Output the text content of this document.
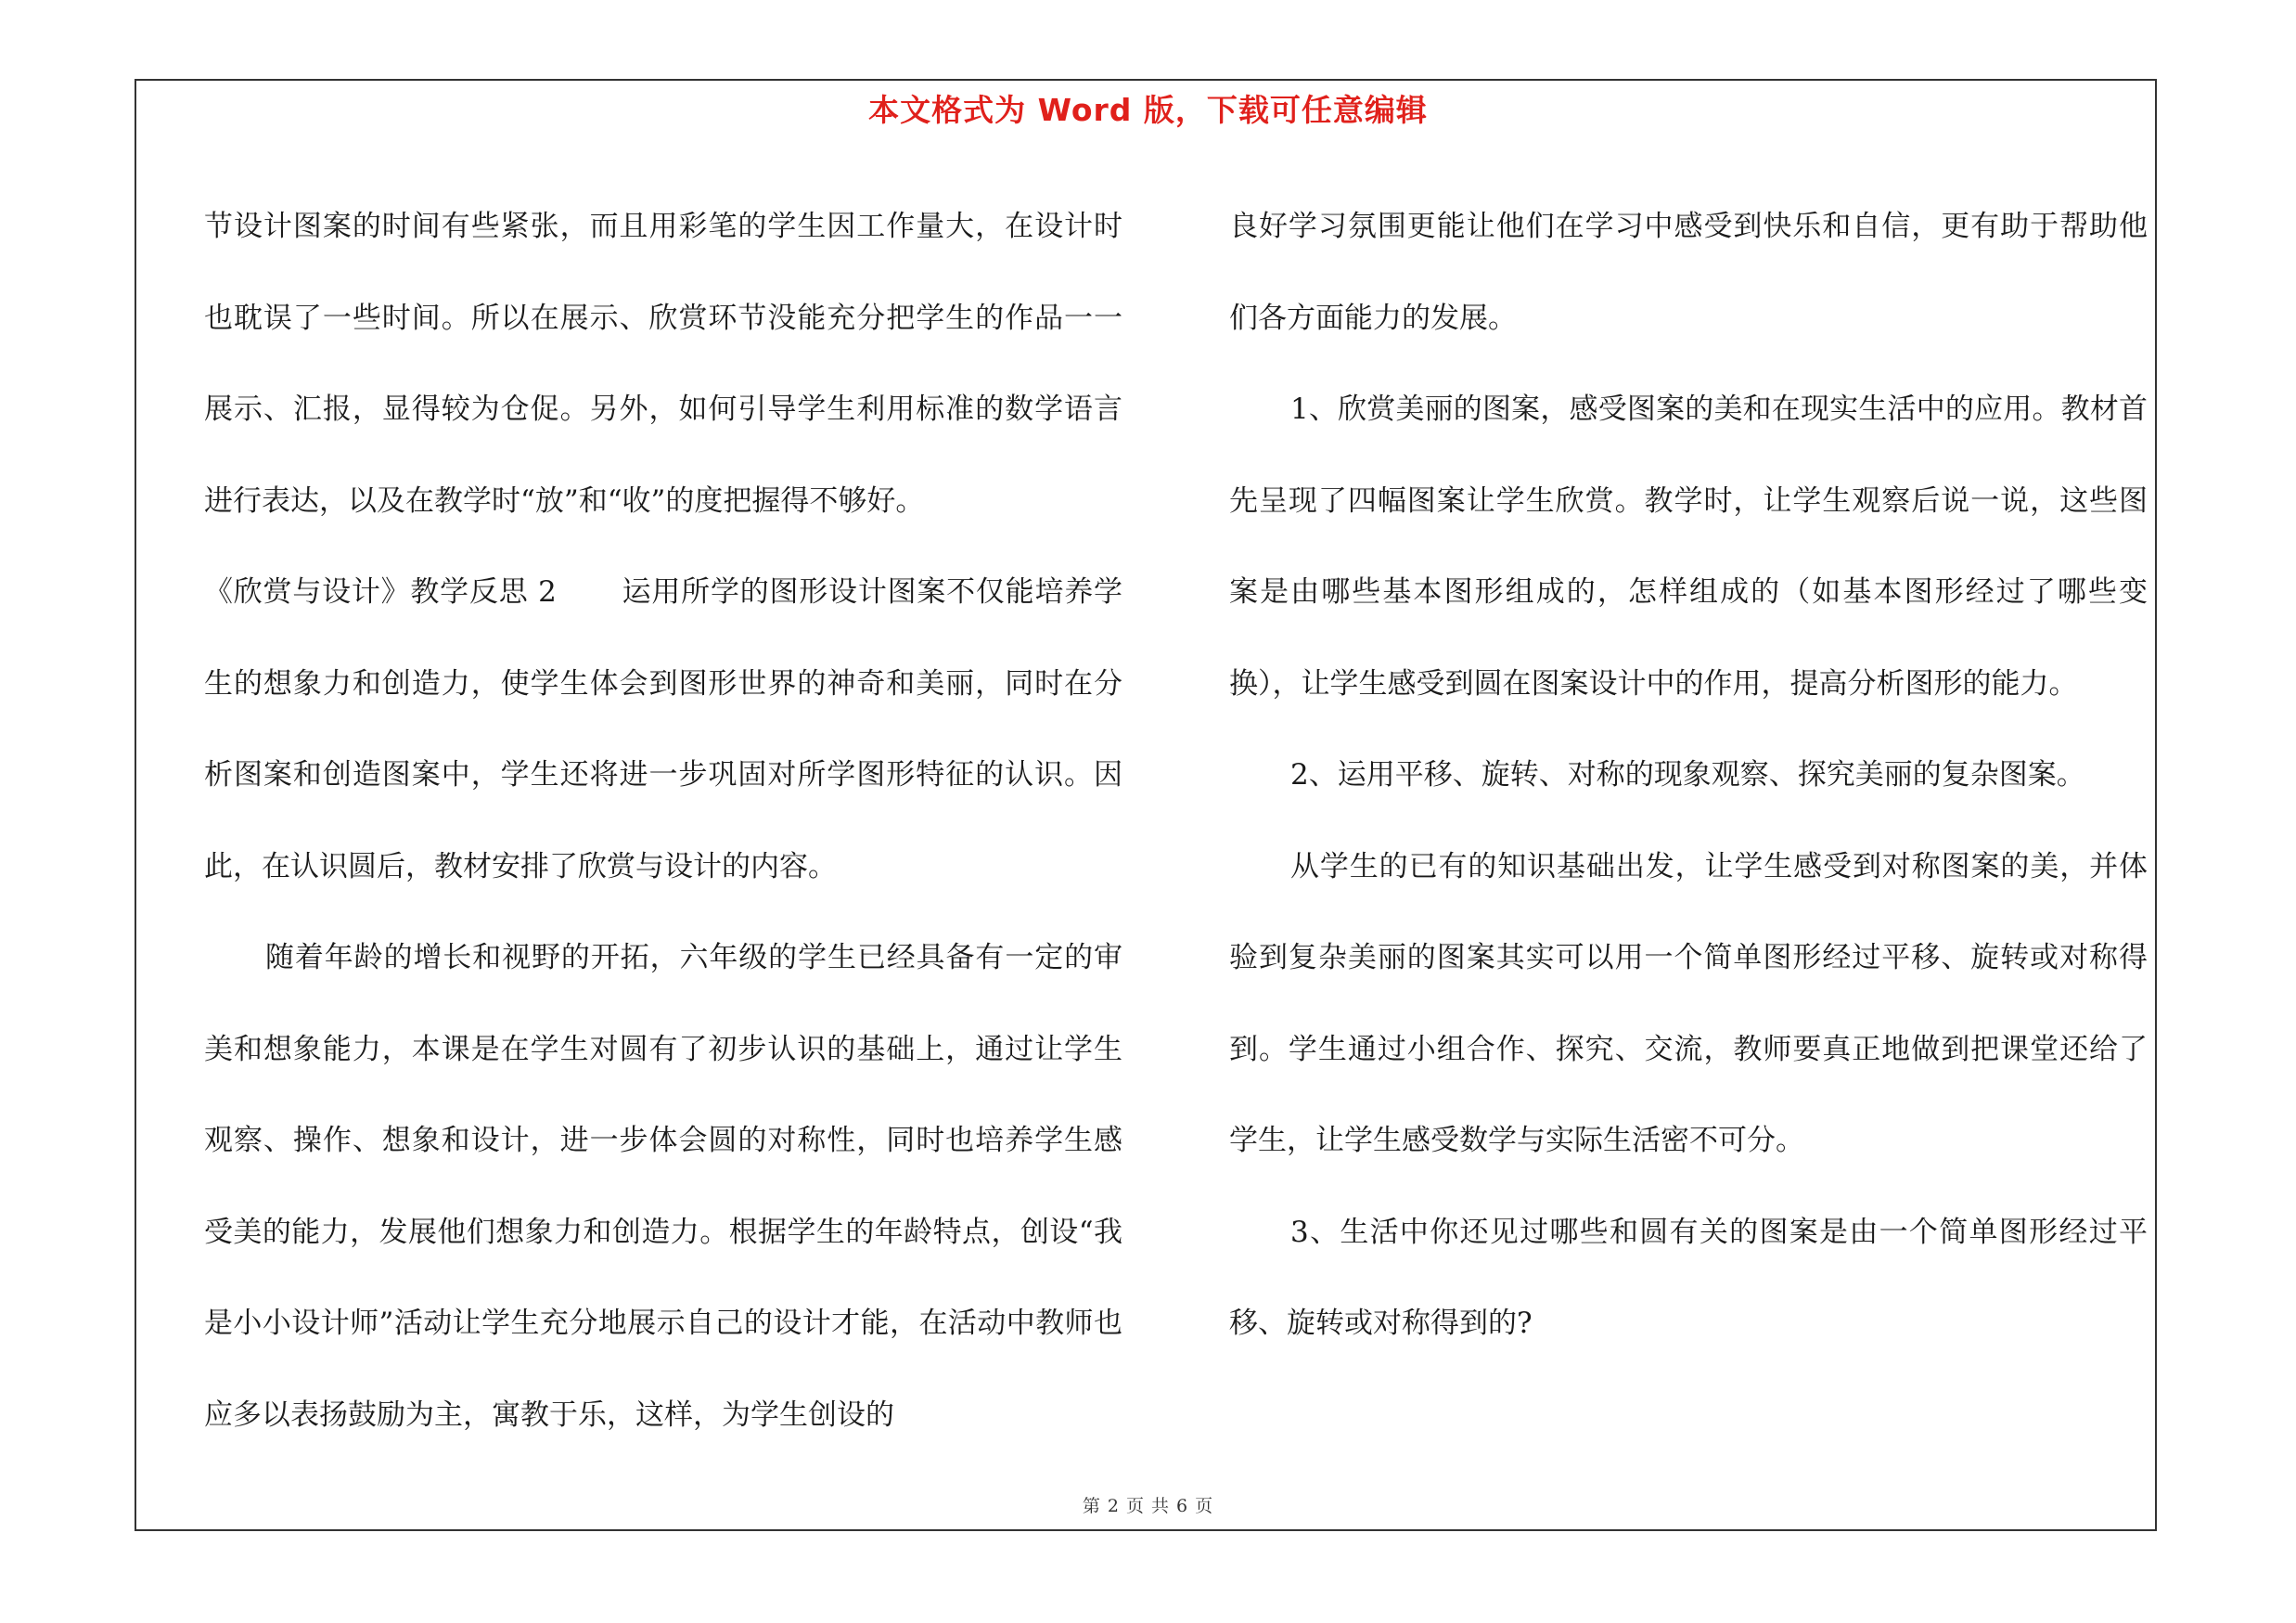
本文格式为 Word 版，下载可任意编辑

节设计图案的时间有些紧张，而且用彩笔的学生因工作量大，在设计时也耽误了一些时间。所以在展示、欣赏环节没能充分把学生的作品一一展示、汇报，显得较为仓促。另外，如何引导学生利用标准的数学语言进行表达，以及在教学时“放”和“收”的度把握得不够好。

《欣赏与设计》教学反思 2 运用所学的图形设计图案不仅能培养学生的想象力和创造力，使学生体会到图形世界的神奇和美丽，同时在分析图案和创造图案中，学生还将进一步巩固对所学图形特征的认识。因此，在认识圆后，教材安排了欣赏与设计的内容。

随着年龄的增长和视野的开拓，六年级的学生已经具备有一定的审美和想象能力，本课是在学生对圆有了初步认识的基础上，通过让学生观察、操作、想象和设计，进一步体会圆的对称性，同时也培养学生感受美的能力，发展他们想象力和创造力。根据学生的年龄特点，创设“我是小小设计师”活动让学生充分地展示自己的设计才能，在活动中教师也应多以表扬鼓励为主，寓教于乐，这样，为学生创设的

良好学习氛围更能让他们在学习中感受到快乐和自信，更有助于帮助他们各方面能力的发展。

1、欣赏美丽的图案，感受图案的美和在现实生活中的应用。教材首先呈现了四幅图案让学生欣赏。教学时，让学生观察后说一说，这些图案是由哪些基本图形组成的，怎样组成的（如基本图形经过了哪些变换），让学生感受到圆在图案设计中的作用，提高分析图形的能力。

2、运用平移、旋转、对称的现象观察、探究美丽的复杂图案。

从学生的已有的知识基础出发，让学生感受到对称图案的美，并体验到复杂美丽的图案其实可以用一个简单图形经过平移、旋转或对称得到。学生通过小组合作、探究、交流，教师要真正地做到把课堂还给了学生，让学生感受数学与实际生活密不可分。

3、生活中你还见过哪些和圆有关的图案是由一个简单图形经过平移、旋转或对称得到的?

第 2 页 共 6 页
